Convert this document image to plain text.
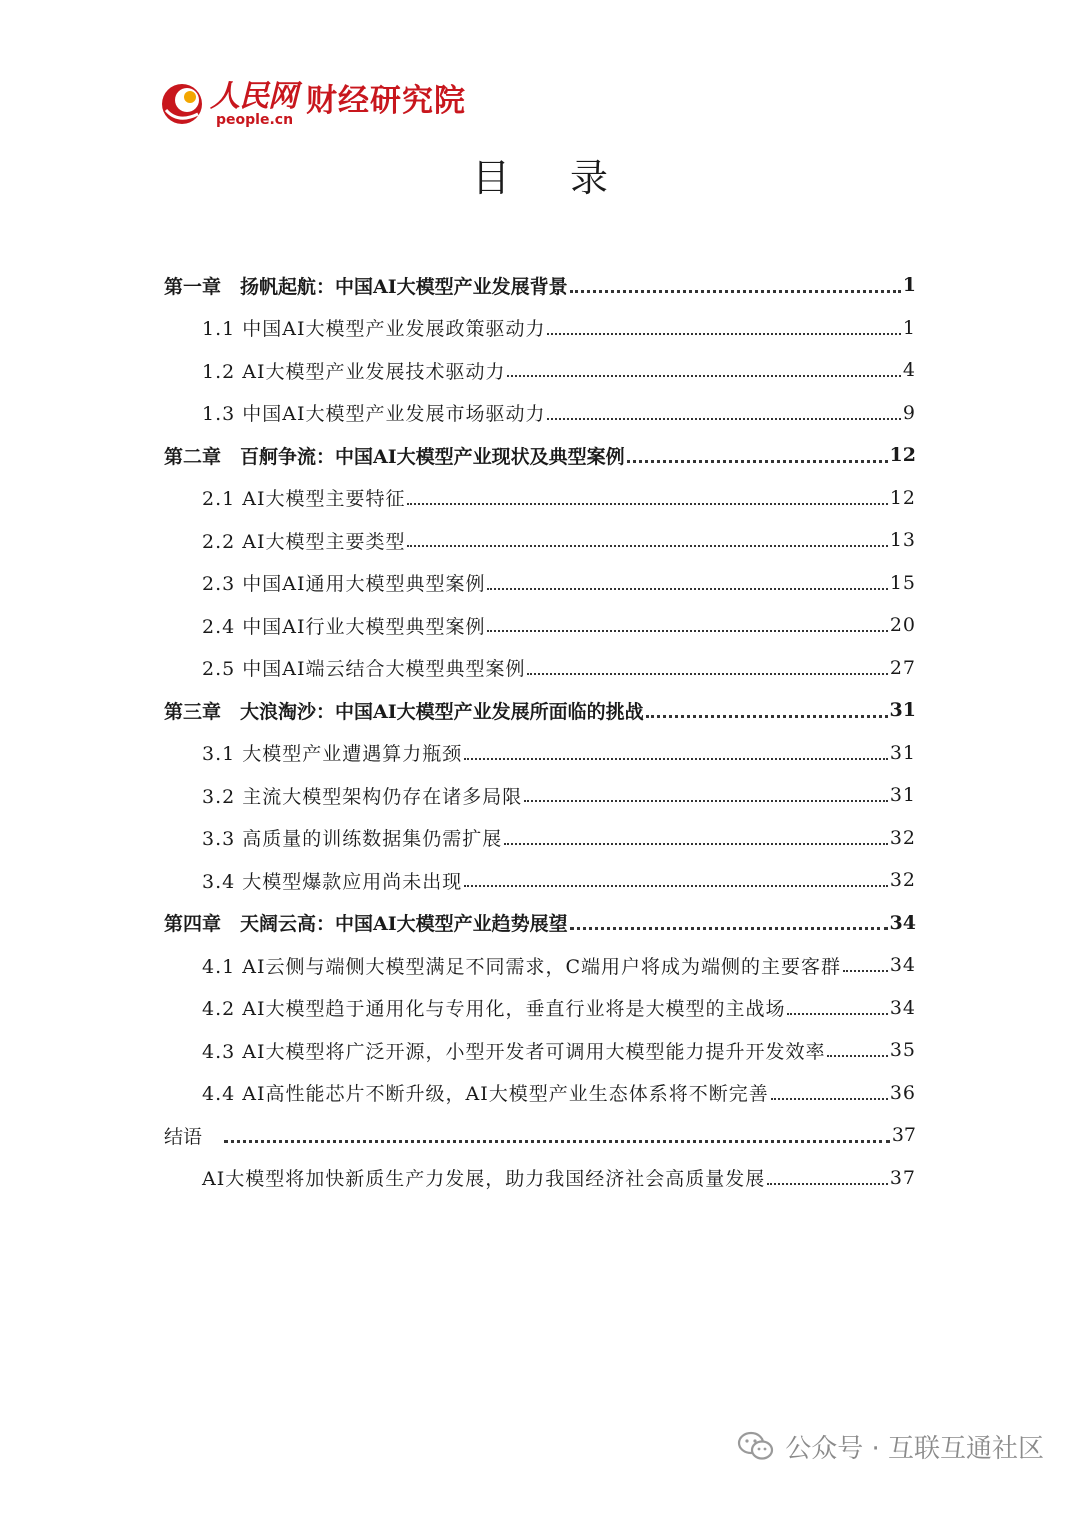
人民网
people.cn
财经研究院
目 录
第一章　扬帆起航：中国AI大模型产业发展背景	1
1.1 中国AI大模型产业发展政策驱动力	1
1.2 AI大模型产业发展技术驱动力	4
1.3 中国AI大模型产业发展市场驱动力	9
第二章　百舸争流：中国AI大模型产业现状及典型案例	12
2.1 AI大模型主要特征	12
2.2 AI大模型主要类型	13
2.3 中国AI通用大模型典型案例	15
2.4 中国AI行业大模型典型案例	20
2.5 中国AI端云结合大模型典型案例	27
第三章　大浪淘沙：中国AI大模型产业发展所面临的挑战	31
3.1 大模型产业遭遇算力瓶颈	31
3.2 主流大模型架构仍存在诸多局限	31
3.3 高质量的训练数据集仍需扩展	32
3.4 大模型爆款应用尚未出现	32
第四章　天阔云高：中国AI大模型产业趋势展望	34
4.1 AI云侧与端侧大模型满足不同需求，C端用户将成为端侧的主要客群	34
4.2 AI大模型趋于通用化与专用化，垂直行业将是大模型的主战场	34
4.3 AI大模型将广泛开源，小型开发者可调用大模型能力提升开发效率	35
4.4 AI高性能芯片不断升级，AI大模型产业生态体系将不断完善	36
结语	37
AI大模型将加快新质生产力发展，助力我国经济社会高质量发展	37
公众号 · 互联互通社区
